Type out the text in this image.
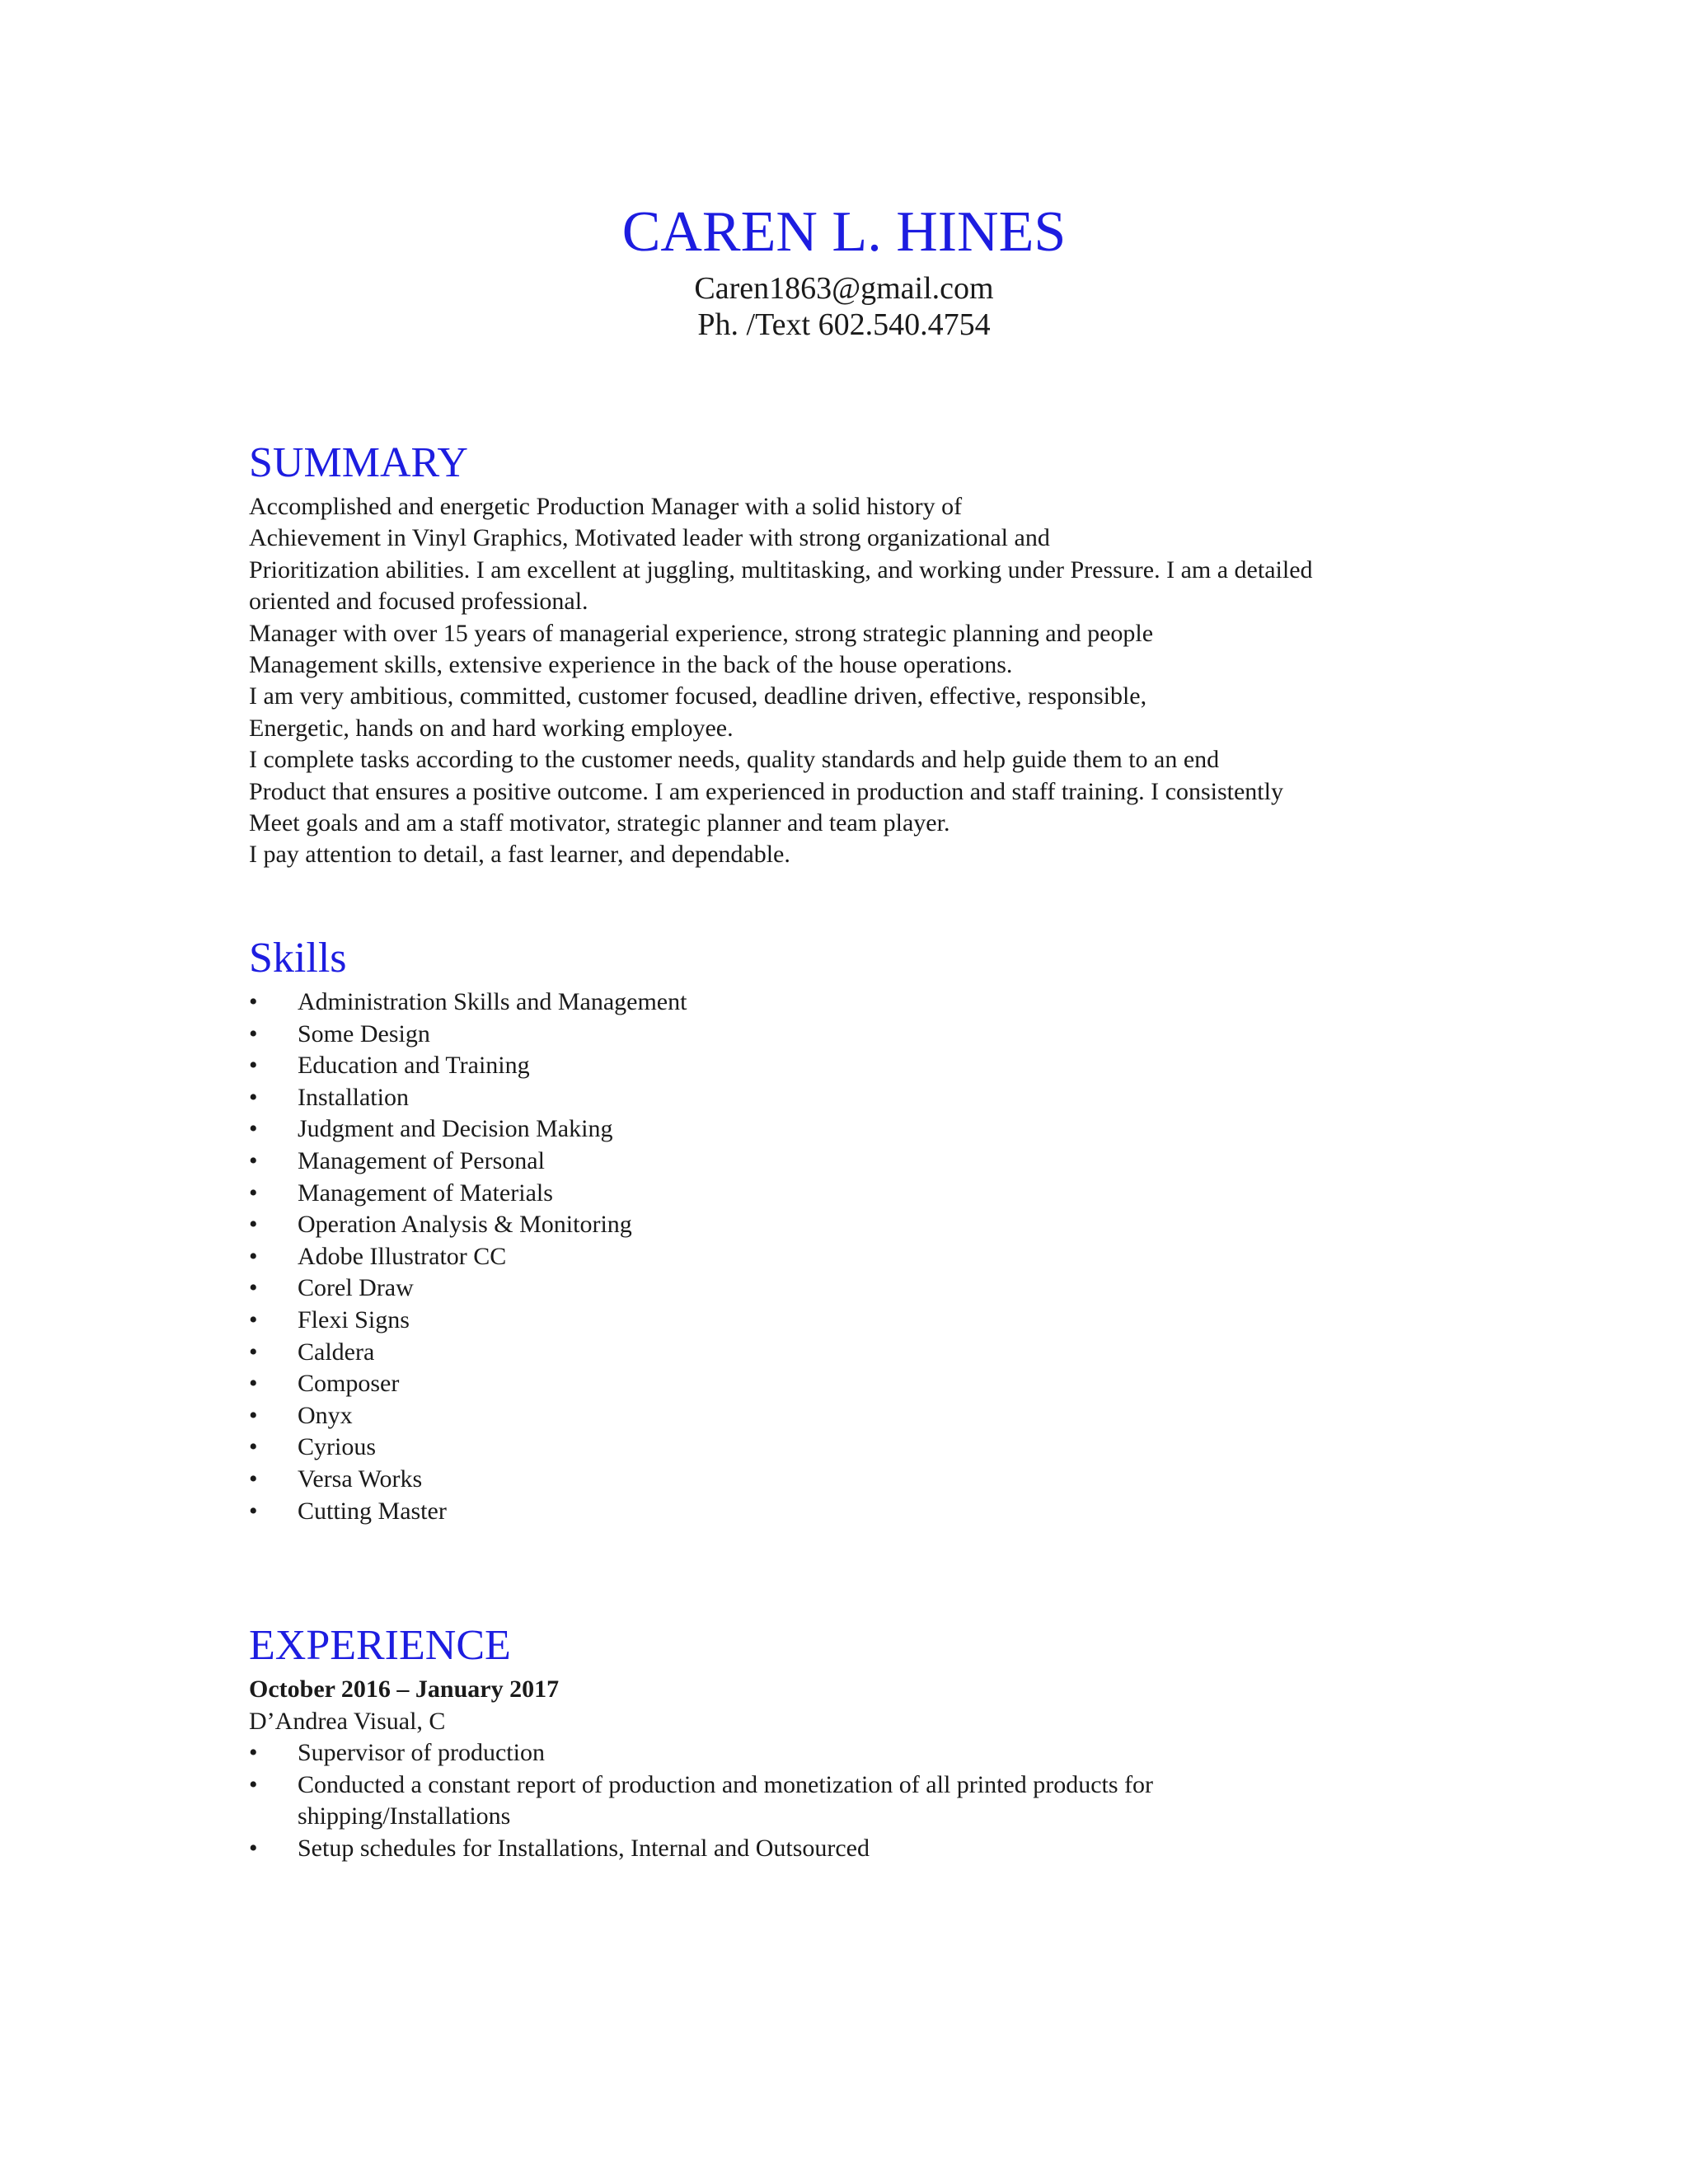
CAREN L. HINES
Caren1863@gmail.com
Ph. /Text 602.540.4754
SUMMARY
Accomplished and energetic Production Manager with a solid history of
Achievement in Vinyl Graphics, Motivated leader with strong organizational and
Prioritization abilities. I am excellent at juggling, multitasking, and working under Pressure. I am a detailed
oriented and focused professional.
Manager with over 15 years of managerial experience, strong strategic planning and people
Management skills, extensive experience in the back of the house operations.
I am very ambitious, committed, customer focused, deadline driven, effective, responsible,
Energetic, hands on and hard working employee.
I complete tasks according to the customer needs, quality standards and help guide them to an end
Product that ensures a positive outcome. I am experienced in production and staff training. I consistently
Meet goals and am a staff motivator, strategic planner and team player.
I pay attention to detail, a fast learner, and dependable.
Skills
• Administration Skills and Management
• Some Design
• Education and Training
• Installation
• Judgment and Decision Making
• Management of Personal
• Management of Materials
• Operation Analysis & Monitoring
• Adobe Illustrator CC
• Corel Draw
• Flexi Signs
• Caldera
• Composer
• Onyx
• Cyrious
• Versa Works
• Cutting Master
EXPERIENCE
October 2016 – January 2017
D’Andrea Visual, C
• Supervisor of production
• Conducted a constant report of production and monetization of all printed products for shipping/Installations
• Setup schedules for Installations, Internal and Outsourced
